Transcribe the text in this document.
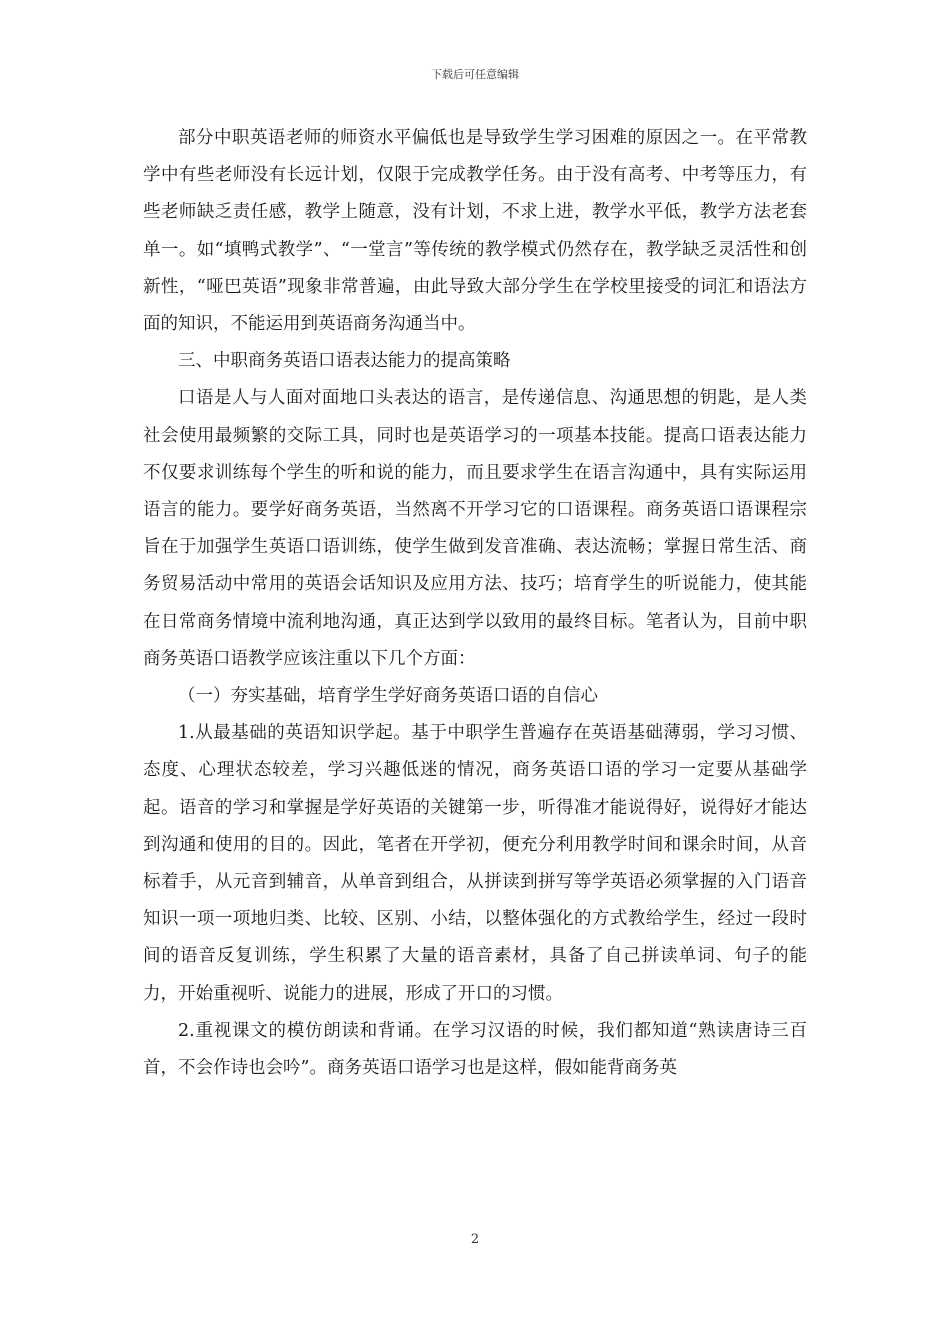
下载后可任意编辑

部分中职英语老师的师资水平偏低也是导致学生学习困难的原因之一。在平常教学中有些老师没有长远计划，仅限于完成教学任务。由于没有高考、中考等压力，有些老师缺乏责任感，教学上随意，没有计划，不求上进，教学水平低，教学方法老套单一。如“填鸭式教学”、“一堂言”等传统的教学模式仍然存在，教学缺乏灵活性和创新性，“哑巴英语”现象非常普遍，由此导致大部分学生在学校里接受的词汇和语法方面的知识，不能运用到英语商务沟通当中。

三、中职商务英语口语表达能力的提高策略

口语是人与人面对面地口头表达的语言，是传递信息、沟通思想的钥匙，是人类社会使用最频繁的交际工具，同时也是英语学习的一项基本技能。提高口语表达能力不仅要求训练每个学生的听和说的能力，而且要求学生在语言沟通中，具有实际运用语言的能力。要学好商务英语，当然离不开学习它的口语课程。商务英语口语课程宗旨在于加强学生英语口语训练，使学生做到发音准确、表达流畅；掌握日常生活、商务贸易活动中常用的英语会话知识及应用方法、技巧；培育学生的听说能力，使其能在日常商务情境中流利地沟通，真正达到学以致用的最终目标。笔者认为，目前中职商务英语口语教学应该注重以下几个方面：

（一）夯实基础，培育学生学好商务英语口语的自信心

1.从最基础的英语知识学起。基于中职学生普遍存在英语基础薄弱，学习习惯、态度、心理状态较差，学习兴趣低迷的情况，商务英语口语的学习一定要从基础学起。语音的学习和掌握是学好英语的关键第一步，听得准才能说得好，说得好才能达到沟通和使用的目的。因此，笔者在开学初，便充分利用教学时间和课余时间，从音标着手，从元音到辅音，从单音到组合，从拼读到拼写等学英语必须掌握的入门语音知识一项一项地归类、比较、区别、小结，以整体强化的方式教给学生，经过一段时间的语音反复训练，学生积累了大量的语音素材，具备了自己拼读单词、句子的能力，开始重视听、说能力的进展，形成了开口的习惯。

2.重视课文的模仿朗读和背诵。在学习汉语的时候，我们都知道“熟读唐诗三百首，不会作诗也会吟”。商务英语口语学习也是这样，假如能背商务英

2
